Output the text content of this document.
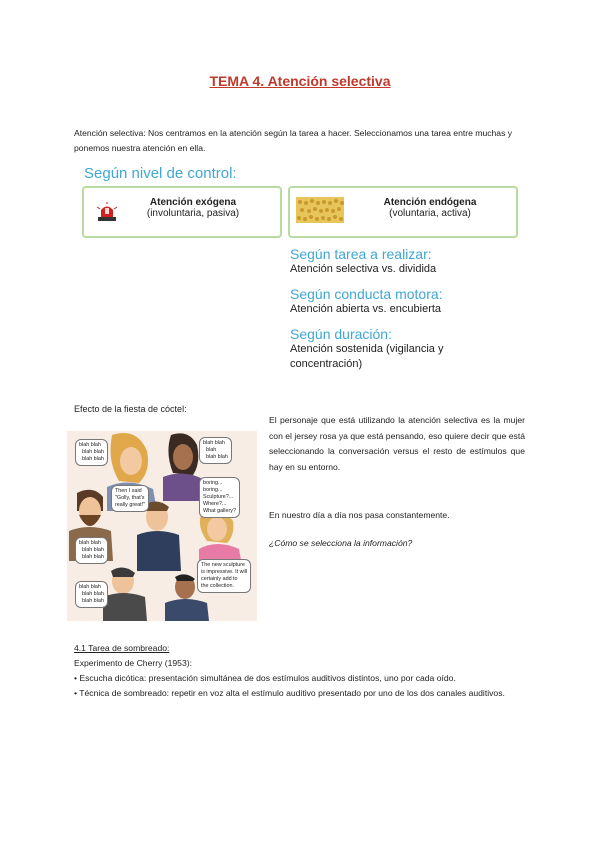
TEMA 4. Atención selectiva
Atención selectiva: Nos centramos en la atención según la tarea a hacer. Seleccionamos una tarea entre muchas y ponemos nuestra atención en ella.
Según nivel de control:
Atención exógena
(involuntaria, pasiva)
Atención endógena
(voluntaria, activa)
Según tarea a realizar:
Atención selectiva vs. dividida
Según conducta motora:
Atención abierta vs. encubierta
Según duración:
Atención sostenida (vigilancia y concentración)
Efecto de la fiesta de cóctel:
blah blah
blah blah
blah blah
blah blah
blah
blah blah
Then I said
"Golly, that's
really great!"
boring...
boring...
Sculpture?...
Where?...
What gallery?
blah blah
blah blah
blah blah
The new sculpture
is impressive. It will
certainly add to
the collection.
blah blah
blah blah
blah blah
El personaje que está utilizando la atención selectiva es la mujer con el jersey rosa ya que está pensando, eso quiere decir que está seleccionando la conversación versus el resto de estímulos que hay en su entorno.
En nuestro día a día nos pasa constantemente.
¿Cómo se selecciona la información?
4.1 Tarea de sombreado:
Experimento de Cherry (1953):
• Escucha dicótica: presentación simultánea de dos estímulos auditivos distintos, uno por cada oído.
• Técnica de sombreado: repetir en voz alta el estímulo auditivo presentado por uno de los dos canales auditivos.
